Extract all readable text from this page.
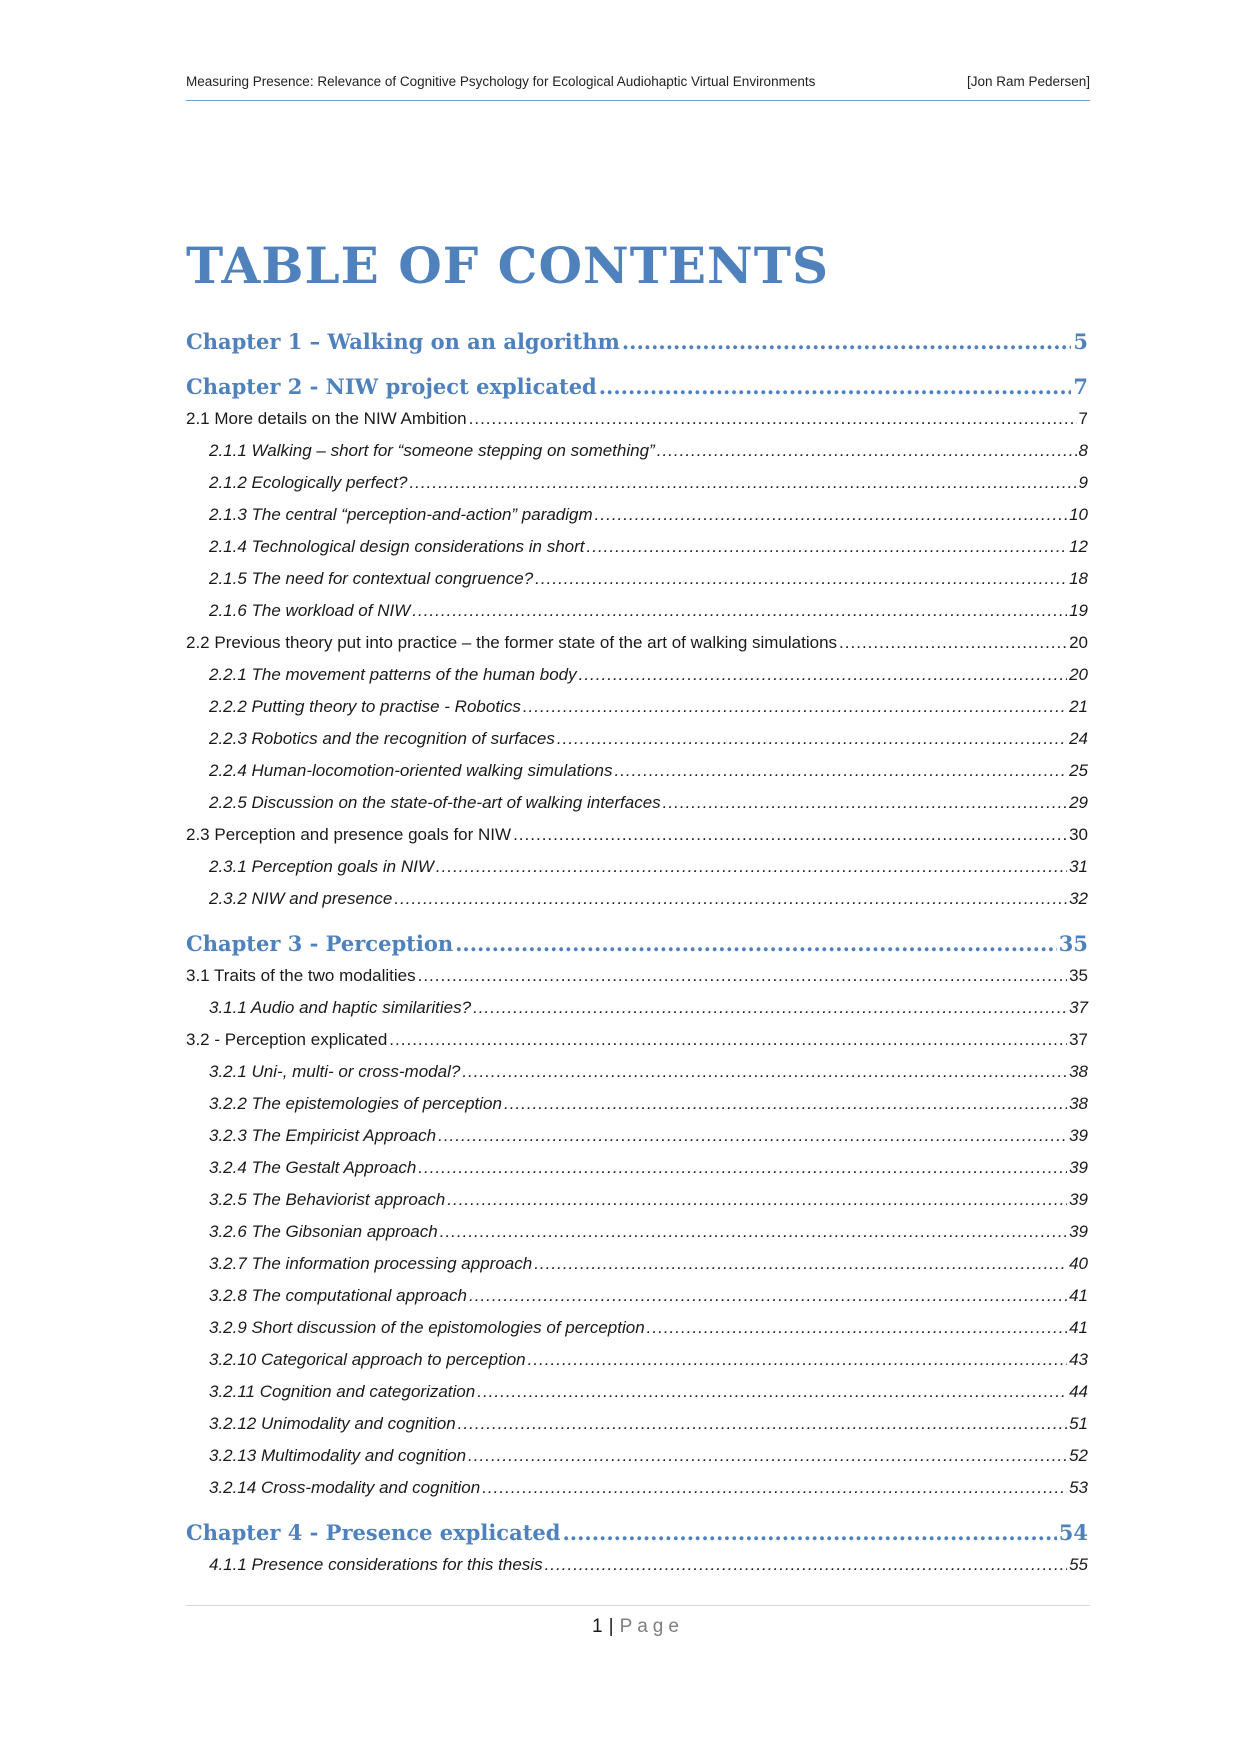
Measuring Presence: Relevance of Cognitive Psychology for Ecological Audiohaptic Virtual Environments	[Jon Ram Pedersen]
TABLE OF CONTENTS
Chapter 1 – Walking on an algorithm .....	5
Chapter 2 - NIW project explicated .....	7
2.1 More details on the NIW Ambition .....	7
2.1.1 Walking – short for “someone stepping on something” .....	8
2.1.2 Ecologically perfect? .....	9
2.1.3 The central “perception-and-action” paradigm .....	10
2.1.4 Technological design considerations in short .....	12
2.1.5 The need for contextual congruence? .....	18
2.1.6 The workload of NIW .....	19
2.2 Previous theory put into practice – the former state of the art of walking simulations .....	20
2.2.1 The movement patterns of the human body .....	20
2.2.2 Putting theory to practise - Robotics .....	21
2.2.3 Robotics and the recognition of surfaces .....	24
2.2.4 Human-locomotion-oriented walking simulations .....	25
2.2.5 Discussion on the state-of-the-art of walking interfaces .....	29
2.3 Perception and presence goals for NIW .....	30
2.3.1 Perception goals in NIW .....	31
2.3.2 NIW and presence .....	32
Chapter 3 - Perception .....	35
3.1 Traits of the two modalities .....	35
3.1.1 Audio and haptic similarities? .....	37
3.2 - Perception explicated .....	37
3.2.1 Uni-, multi- or cross-modal? .....	38
3.2.2 The epistemologies of perception .....	38
3.2.3 The Empiricist Approach .....	39
3.2.4 The Gestalt Approach .....	39
3.2.5 The Behaviorist approach .....	39
3.2.6 The Gibsonian approach .....	39
3.2.7 The information processing approach .....	40
3.2.8 The computational approach .....	41
3.2.9 Short discussion of the epistomologies of perception .....	41
3.2.10 Categorical approach to perception .....	43
3.2.11 Cognition and categorization .....	44
3.2.12 Unimodality and cognition .....	51
3.2.13 Multimodality and cognition .....	52
3.2.14 Cross-modality and cognition .....	53
Chapter 4 - Presence explicated .....	54
4.1.1 Presence considerations for this thesis .....	55
1 | Page
